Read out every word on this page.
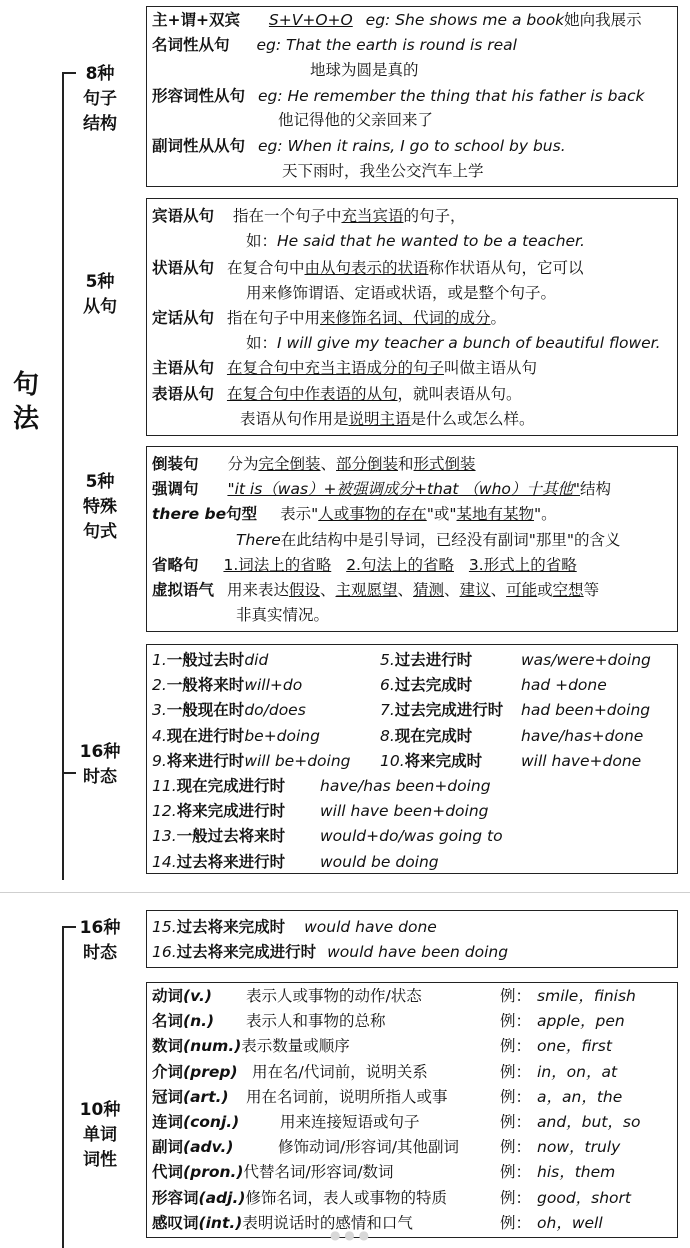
句法
8种句子结构
5种从句
5种特殊句式
16种时态
主+谓+双宾 S+V+O+O eg: She shows me a book她向我展示
名词性从句 eg: That the earth is round is real
地球为圆是真的
形容词性从句 eg: He remember the thing that his father is back
他记得他的父亲回来了
副词性从从句 eg: When it rains, I go to school by bus.
天下雨时，我坐公交汽车上学
宾语从句 指在一个句子中充当宾语的句子，
如：He said that he wanted to be a teacher.
状语从句 在复合句中由从句表示的状语称作状语从句，它可以
用来修饰谓语、定语或状语，或是整个句子。
定话从句 指在句子中用来修饰名词、代词的成分。
如：I will give my teacher a bunch of beautiful flower.
主语从句 在复合句中充当主语成分的句子叫做主语从句
表语从句 在复合句中作表语的从句，就叫表语从句。
表语从句作用是说明主语是什么或怎么样。
倒装句 分为完全倒装、部分倒装和形式倒装
强调句 "it is（was）+被强调成分+that （who）十其他"结构
there be句型 表示"人或事物的存在"或"某地有某物"。
There在此结构中是引导词，已经没有副词"那里"的含义
省略句 1.词法上的省略 2.句法上的省略 3.形式上的省略
虚拟语气 用来表达假设、主观愿望、猜测、建议、可能或空想等
非真实情况。
1.一般过去时did	5.过去进行时	was/were+doing
2.一般将来时will+do	6.过去完成时	had +done
3.一般现在时do/does	7.过去完成进行时 had been+doing
4.现在进行时be+doing	8.现在完成时	have/has+done
9.将来进行时will be+doing 10.将来完成时	will have+done
11.现在完成进行时 have/has been+doing
12.将来完成进行时 will have been+doing
13.一般过去将来时 would+do/was going to
14.过去将来进行时 would be doing
16种时态
10种单词词性
15.过去将来完成时 would have done
16.过去将来完成进行时 would have been doing
动词(v.) 表示人或事物的动作/状态	例： smile，finish
名词(n.) 表示人和事物的总称	例： apple，pen
数词(num.)表示数量或顺序	例： one，first
介词(prep) 用在名/代词前，说明关系	例： in，on，at
冠词(art.) 用在名词前，说明所指人或事	例： a，an，the
连词(conj.)	用来连接短语或句子	例： and，but，so
副词(adv.)	修饰动词/形容词/其他副词	例： now，truly
代词(pron.)代替名词/形容词/数词	例： his，them
形容词(adj.)修饰名词，表人或事物的特质	例： good，short
感叹词(int.)表明说话时的感情和口气	例： oh，well
● ● ●
